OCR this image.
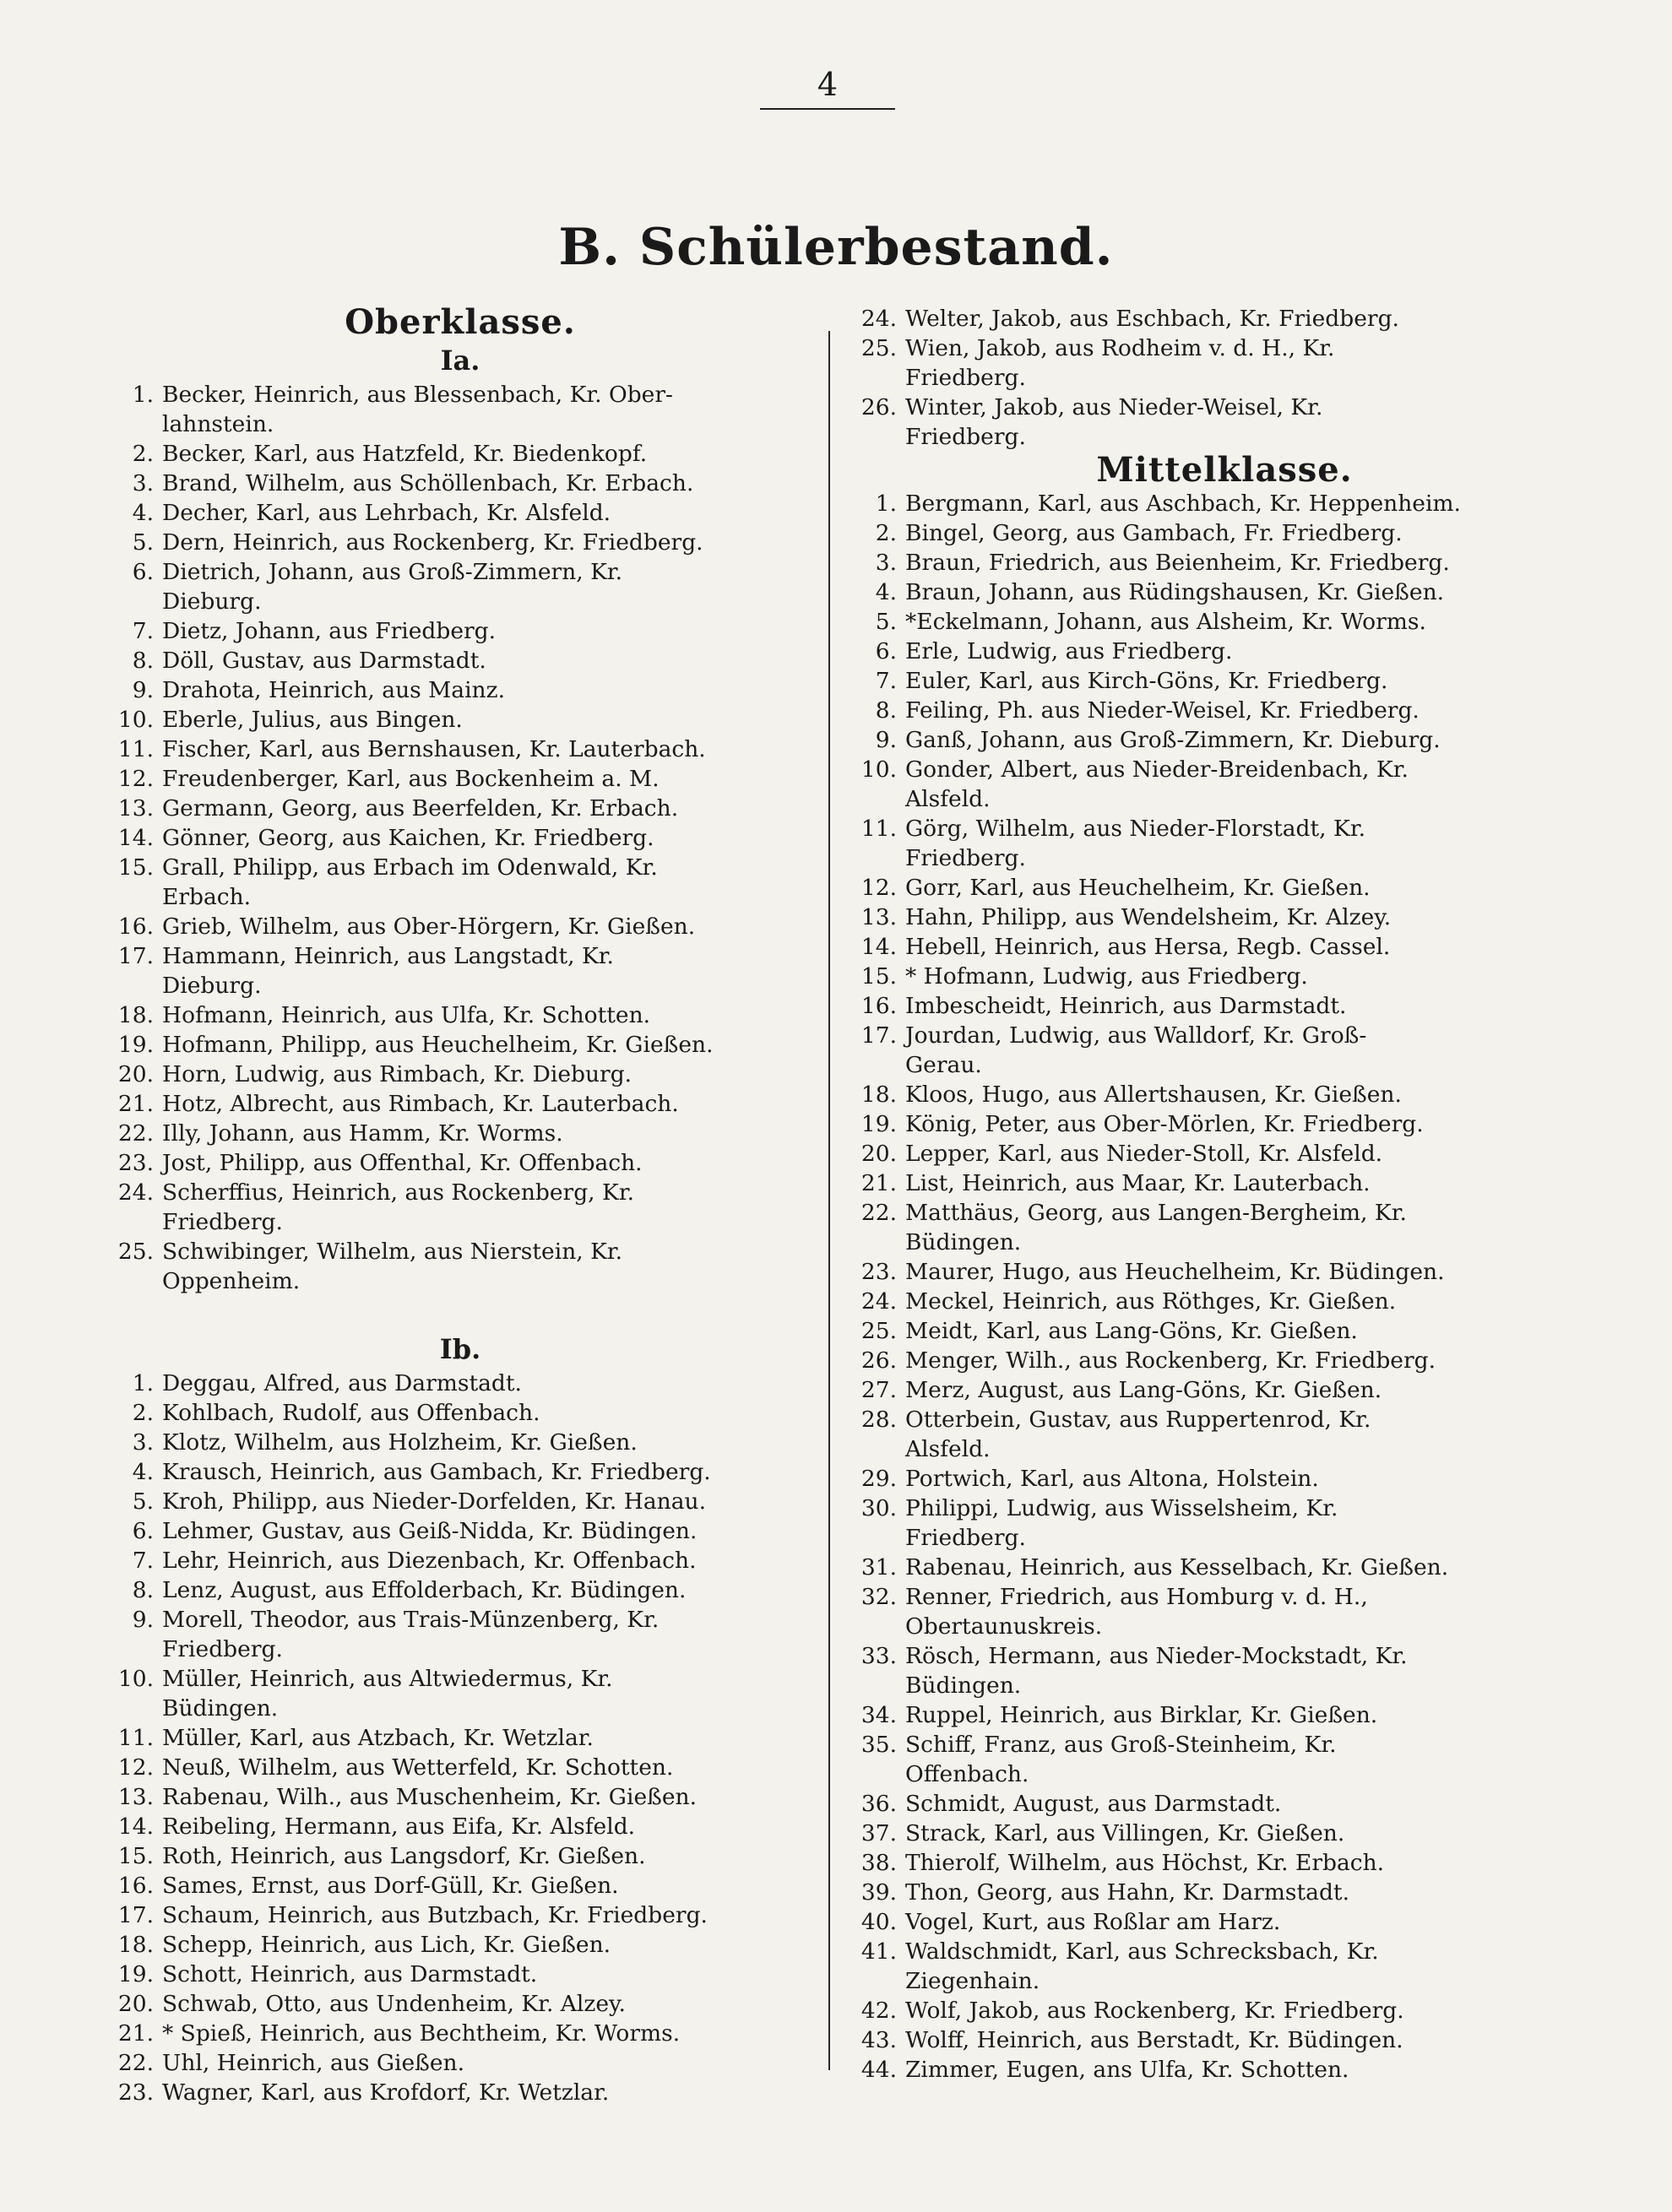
4
B. Schülerbestand.
Oberklasse.
Ia.
1. Becker, Heinrich, aus Blessenbach, Kr. Ober-
lahnstein.
2. Becker, Karl, aus Hatzfeld, Kr. Biedenkopf.
3. Brand, Wilhelm, aus Schöllenbach, Kr. Erbach.
4. Decher, Karl, aus Lehrbach, Kr. Alsfeld.
5. Dern, Heinrich, aus Rockenberg, Kr. Friedberg.
6. Dietrich, Johann, aus Groß-Zimmern, Kr.
Dieburg.
7. Dietz, Johann, aus Friedberg.
8. Döll, Gustav, aus Darmstadt.
9. Drahota, Heinrich, aus Mainz.
10. Eberle, Julius, aus Bingen.
11. Fischer, Karl, aus Bernshausen, Kr. Lauterbach.
12. Freudenberger, Karl, aus Bockenheim a. M.
13. Germann, Georg, aus Beerfelden, Kr. Erbach.
14. Gönner, Georg, aus Kaichen, Kr. Friedberg.
15. Grall, Philipp, aus Erbach im Odenwald, Kr.
Erbach.
16. Grieb, Wilhelm, aus Ober-Hörgern, Kr. Gießen.
17. Hammann, Heinrich, aus Langstadt, Kr.
Dieburg.
18. Hofmann, Heinrich, aus Ulfa, Kr. Schotten.
19. Hofmann, Philipp, aus Heuchelheim, Kr. Gießen.
20. Horn, Ludwig, aus Rimbach, Kr. Dieburg.
21. Hotz, Albrecht, aus Rimbach, Kr. Lauterbach.
22. Illy, Johann, aus Hamm, Kr. Worms.
23. Jost, Philipp, aus Offenthal, Kr. Offenbach.
24. Scherffius, Heinrich, aus Rockenberg, Kr.
Friedberg.
25. Schwibinger, Wilhelm, aus Nierstein, Kr.
Oppenheim.
Ib.
1. Deggau, Alfred, aus Darmstadt.
2. Kohlbach, Rudolf, aus Offenbach.
3. Klotz, Wilhelm, aus Holzheim, Kr. Gießen.
4. Krausch, Heinrich, aus Gambach, Kr. Friedberg.
5. Kroh, Philipp, aus Nieder-Dorfelden, Kr. Hanau.
6. Lehmer, Gustav, aus Geiß-Nidda, Kr. Büdingen.
7. Lehr, Heinrich, aus Diezenbach, Kr. Offenbach.
8. Lenz, August, aus Effolderbach, Kr. Büdingen.
9. Morell, Theodor, aus Trais-Münzenberg, Kr.
Friedberg.
10. Müller, Heinrich, aus Altwiedermus, Kr.
Büdingen.
11. Müller, Karl, aus Atzbach, Kr. Wetzlar.
12. Neuß, Wilhelm, aus Wetterfeld, Kr. Schotten.
13. Rabenau, Wilh., aus Muschenheim, Kr. Gießen.
14. Reibeling, Hermann, aus Eifa, Kr. Alsfeld.
15. Roth, Heinrich, aus Langsdorf, Kr. Gießen.
16. Sames, Ernst, aus Dorf-Güll, Kr. Gießen.
17. Schaum, Heinrich, aus Butzbach, Kr. Friedberg.
18. Schepp, Heinrich, aus Lich, Kr. Gießen.
19. Schott, Heinrich, aus Darmstadt.
20. Schwab, Otto, aus Undenheim, Kr. Alzey.
21. * Spieß, Heinrich, aus Bechtheim, Kr. Worms.
22. Uhl, Heinrich, aus Gießen.
23. Wagner, Karl, aus Krofdorf, Kr. Wetzlar.
24. Welter, Jakob, aus Eschbach, Kr. Friedberg.
25. Wien, Jakob, aus Rodheim v. d. H., Kr.
Friedberg.
26. Winter, Jakob, aus Nieder-Weisel, Kr.
Friedberg.
Mittelklasse.
1. Bergmann, Karl, aus Aschbach, Kr. Heppenheim.
2. Bingel, Georg, aus Gambach, Fr. Friedberg.
3. Braun, Friedrich, aus Beienheim, Kr. Friedberg.
4. Braun, Johann, aus Rüdingshausen, Kr. Gießen.
5. *Eckelmann, Johann, aus Alsheim, Kr. Worms.
6. Erle, Ludwig, aus Friedberg.
7. Euler, Karl, aus Kirch-Göns, Kr. Friedberg.
8. Feiling, Ph. aus Nieder-Weisel, Kr. Friedberg.
9. Ganß, Johann, aus Groß-Zimmern, Kr. Dieburg.
10. Gonder, Albert, aus Nieder-Breidenbach, Kr.
Alsfeld.
11. Görg, Wilhelm, aus Nieder-Florstadt, Kr.
Friedberg.
12. Gorr, Karl, aus Heuchelheim, Kr. Gießen.
13. Hahn, Philipp, aus Wendelsheim, Kr. Alzey.
14. Hebell, Heinrich, aus Hersa, Regb. Cassel.
15. * Hofmann, Ludwig, aus Friedberg.
16. Imbescheidt, Heinrich, aus Darmstadt.
17. Jourdan, Ludwig, aus Walldorf, Kr. Groß-
Gerau.
18. Kloos, Hugo, aus Allertshausen, Kr. Gießen.
19. König, Peter, aus Ober-Mörlen, Kr. Friedberg.
20. Lepper, Karl, aus Nieder-Stoll, Kr. Alsfeld.
21. List, Heinrich, aus Maar, Kr. Lauterbach.
22. Matthäus, Georg, aus Langen-Bergheim, Kr.
Büdingen.
23. Maurer, Hugo, aus Heuchelheim, Kr. Büdingen.
24. Meckel, Heinrich, aus Röthges, Kr. Gießen.
25. Meidt, Karl, aus Lang-Göns, Kr. Gießen.
26. Menger, Wilh., aus Rockenberg, Kr. Friedberg.
27. Merz, August, aus Lang-Göns, Kr. Gießen.
28. Otterbein, Gustav, aus Ruppertenrod, Kr.
Alsfeld.
29. Portwich, Karl, aus Altona, Holstein.
30. Philippi, Ludwig, aus Wisselsheim, Kr.
Friedberg.
31. Rabenau, Heinrich, aus Kesselbach, Kr. Gießen.
32. Renner, Friedrich, aus Homburg v. d. H.,
Obertaunuskreis.
33. Rösch, Hermann, aus Nieder-Mockstadt, Kr.
Büdingen.
34. Ruppel, Heinrich, aus Birklar, Kr. Gießen.
35. Schiff, Franz, aus Groß-Steinheim, Kr.
Offenbach.
36. Schmidt, August, aus Darmstadt.
37. Strack, Karl, aus Villingen, Kr. Gießen.
38. Thierolf, Wilhelm, aus Höchst, Kr. Erbach.
39. Thon, Georg, aus Hahn, Kr. Darmstadt.
40. Vogel, Kurt, aus Roßlar am Harz.
41. Waldschmidt, Karl, aus Schrecksbach, Kr.
Ziegenhain.
42. Wolf, Jakob, aus Rockenberg, Kr. Friedberg.
43. Wolff, Heinrich, aus Berstadt, Kr. Büdingen.
44. Zimmer, Eugen, ans Ulfa, Kr. Schotten.
